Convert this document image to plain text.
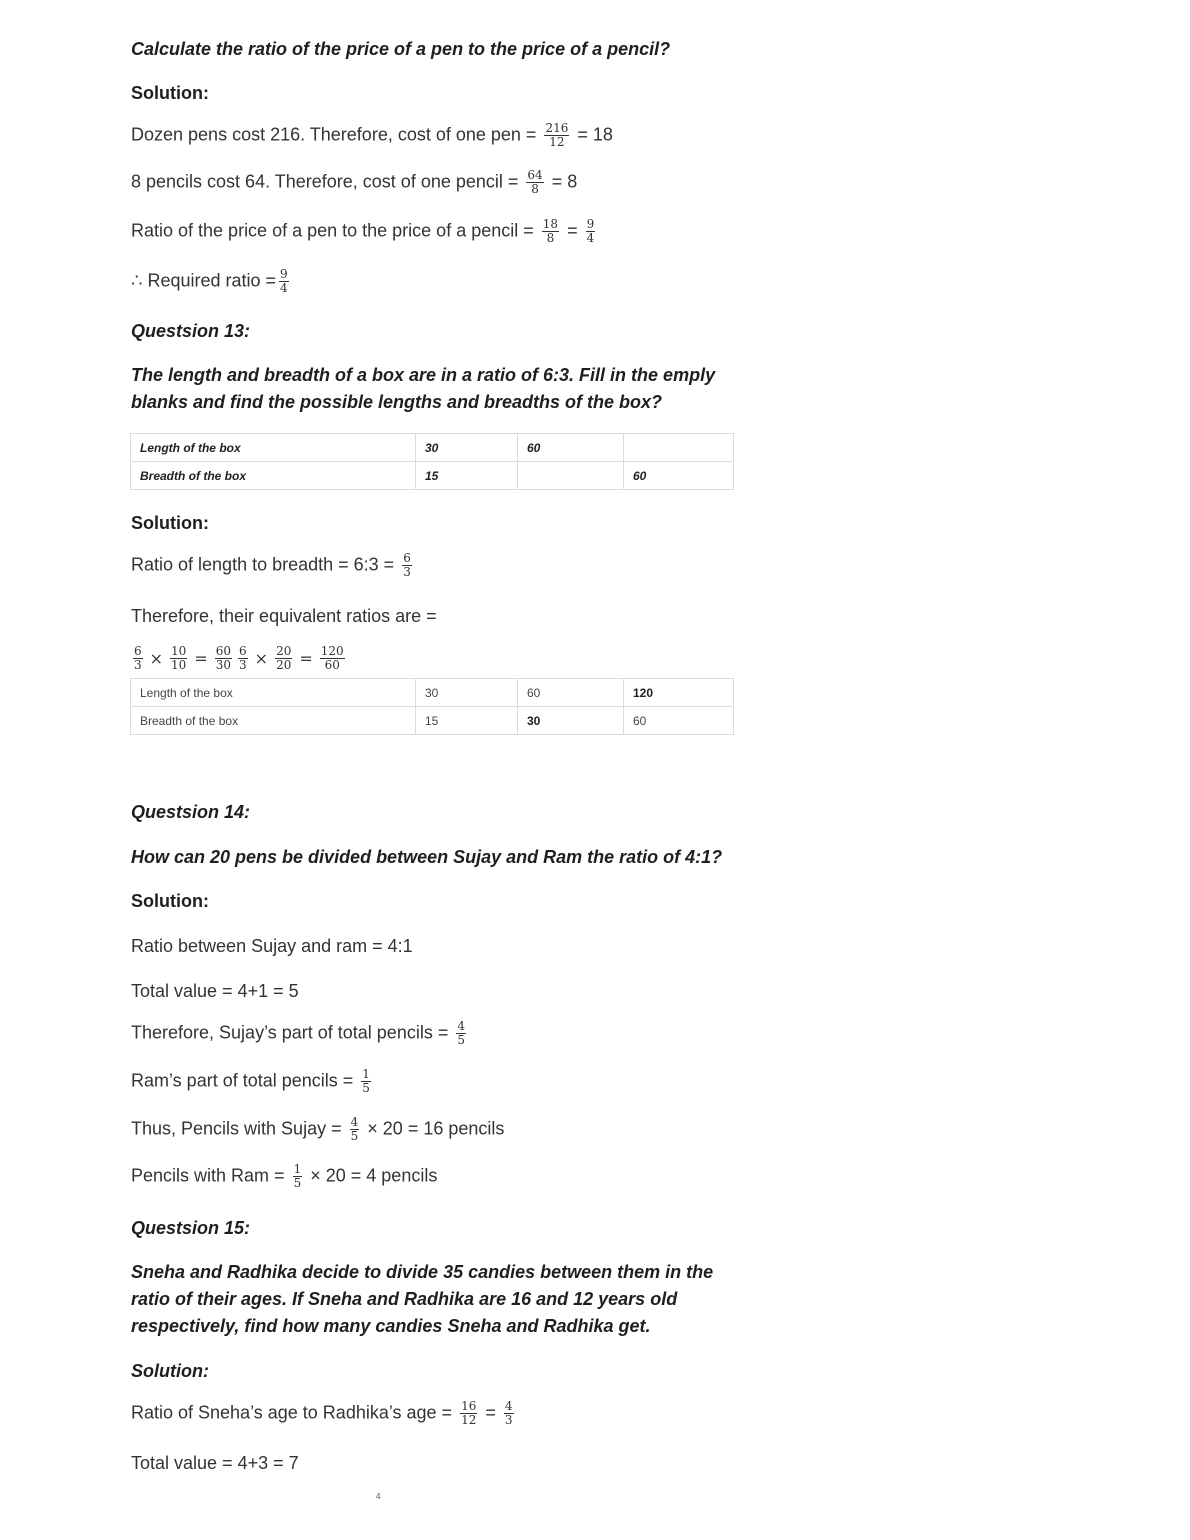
Calculate the ratio of the price of a pen to the price of a pencil?
Solution:
Dozen pens cost 216. Therefore, cost of one pen = $\frac{216}{12} = 18$
8 pencils cost 64. Therefore, cost of one pencil = $\frac{64}{8} = 8$
Ratio of the price of a pen to the price of a pencil = $\frac{18}{8} = \frac{9}{4}$
∴ Required ratio = $\frac{9}{4}$
Questsion 13:
The length and breadth of a box are in a ratio of 6:3. Fill in the emply blanks and find the possible lengths and breadths of the box?
Length of the box	30	60	
Breadth of the box	15		60
Solution:
Ratio of length to breadth = 6:3 = $\frac{6}{3}$
Therefore, their equivalent ratios are =
$\frac{6}{3} \times \frac{10}{10} = \frac{60}{30} \frac{6}{3} \times \frac{20}{20} = \frac{120}{60}$
Length of the box	30	60	120
Breadth of the box	15	30	60
Questsion 14:
How can 20 pens be divided between Sujay and Ram the ratio of 4:1?
Solution:
Ratio between Sujay and ram = 4:1
Total value = 4+1 = 5
Therefore, Sujay’s part of total pencils = $\frac{4}{5}$
Ram’s part of total pencils = $\frac{1}{5}$
Thus, Pencils with Sujay = $\frac{4}{5} \times 20 = 16$ pencils
Pencils with Ram = $\frac{1}{5} \times 20 = 4$ pencils
Questsion 15:
Sneha and Radhika decide to divide 35 candies between them in the ratio of their ages. If Sneha and Radhika are 16 and 12 years old respectively, find how many candies Sneha and Radhika get.
Solution:
Ratio of Sneha’s age to Radhika’s age = $\frac{16}{12} = \frac{4}{3}$
Total value = 4+3 = 7
4
